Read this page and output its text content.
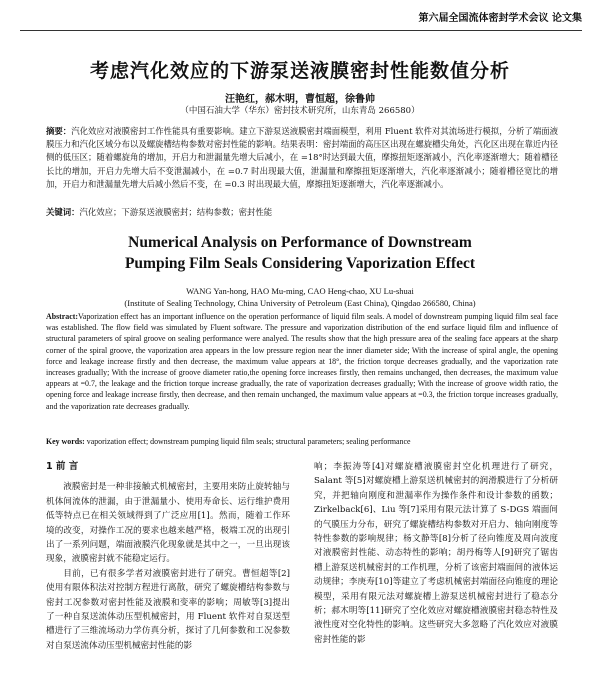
第六届全国流体密封学术会议 论文集
考虑汽化效应的下游泵送液膜密封性能数值分析
汪艳红，郝木明，曹恒超，徐鲁帅
（中国石油大学（华东）密封技术研究所，山东青岛 266580）
摘要：汽化效应对液膜密封工作性能具有重要影响。建立下游泵送液膜密封端面模型，利用 Fluent 软件对其流场进行模拟，分析了端面液膜压力和汽化区域分布以及螺旋槽结构参数对密封性能的影响。结果表明：密封端面的高压区出现在螺旋槽尖角处，汽化区出现在靠近内径侧的低压区；随着螺旋角的增加，开启力和泄漏量先增大后减小，在 =18°时达到最大值，摩擦扭矩逐渐减小，汽化率逐渐增大；随着槽径长比的增加，开启力先增大后不变泄漏减小，在 =0.7 时出现最大值，泄漏量和摩擦扭矩逐渐增大，汽化率逐渐减小；随着槽径宽比的增加，开启力和泄漏量先增大后减小然后不变，在 =0.3 时出现最大值，摩擦扭矩逐渐增大，汽化率逐渐减小。
关键词：汽化效应；下游泵送液膜密封；结构参数；密封性能
Numerical Analysis on Performance of Downstream
Pumping Film Seals Considering Vaporization Effect
WANG Yan-hong, HAO Mu-ming, CAO Heng-chao, XU Lu-shuai
(Institute of Sealing Technology, China University of Petroleum (East China), Qingdao 266580, China)
Abstract:Vaporization effect has an important influence on the operation performance of liquid film seals. A model of downstream pumping liquid film seal face was established. The flow field was simulated by Fluent software. The pressure and vaporization distribution of the end surface liquid film and influence of structural parameters of spiral groove on sealing performance were analyed. The results show that the high pressure area of the sealing face appears at the sharp corner of the spiral groove, the vaporization area appears in the low pressure region near the inner diameter side; With the increase of spiral angle, the opening force and leakage increase firstly and then decrease, the maximum value appears at 18°, the friction torque decreases gradually, and the vaporization rate increases gradually; With the increase of groove diameter ratio,the opening force increases firstly, then remains unchanged, then decreases, the maximum value appears at =0.7, the leakage and the friction torque increase gradually, the rate of vaporization decreases gradually; With the increase of groove width ratio, the opening force and leakage increase firstly, then decrease, and then remain unchanged, the maximum value appears at =0.3, the friction torque increases gradually, and the vaporization rate decreases gradually.
Key words: vaporization effect; downstream pumping liquid film seals; structural parameters; sealing performance
1 前 言

液膜密封是一种非接触式机械密封，主要用来防止旋转轴与机体间流体的泄漏，由于泄漏量小、使用寿命长、运行维护费用低等特点已在相关领域得到了广泛应用[1]。然而，随着工作环境的改变，对操作工况的要求也越来越严格，极端工况的出现引出了一系列问题，端面液膜汽化现象就是其中之一，一旦出现该现象，液膜密封就不能稳定运行。

目前，已有很多学者对液膜密封进行了研究。曹恒超等[2]使用有限体积法对控制方程进行离散，研究了螺旋槽结构参数与密封工况参数对密封性能及液膜和变率的影响；周敏等[3]提出了一种自泵送流体动压型机械密封，用 Fluent 软件对自泵送型槽进行了三维流场动力学仿真分析，探讨了几何参数和工况参数对自泵送流体动压型机械密封性能的影

响；李振涛等[4]对螺旋槽液膜密封空化机理进行了研究，Salant 等[5]对螺旋槽上游泵送机械密封的润滑膜进行了分析研究，并把轴向刚度和泄漏率作为操作条件和设计参数的函数；Zirkelback[6]、Liu 等[7]采用有限元法计算了 S-DGS 端面间的气膜压力分布，研究了螺旋槽结构参数对开启力、轴向刚度等特性参数的影响规律；杨文静等[8]分析了径向锥度及周向波度对液膜密封性能、动态特性的影响；胡丹梅等人[9]研究了锯齿槽上游泵送机械密封的工作机理，分析了该密封端面间的液体运动规律；李庚寿[10]等建立了考虑机械密封端面径向锥度的理论模型，采用有限元法对螺旋槽上游泵送机械密封进行了稳态分析；郝木明等[11]研究了空化效应对螺旋槽液膜密封稳态特性及液性度对空化特性的影响。这些研究大多忽略了汽化效应对液膜密封性能的影
